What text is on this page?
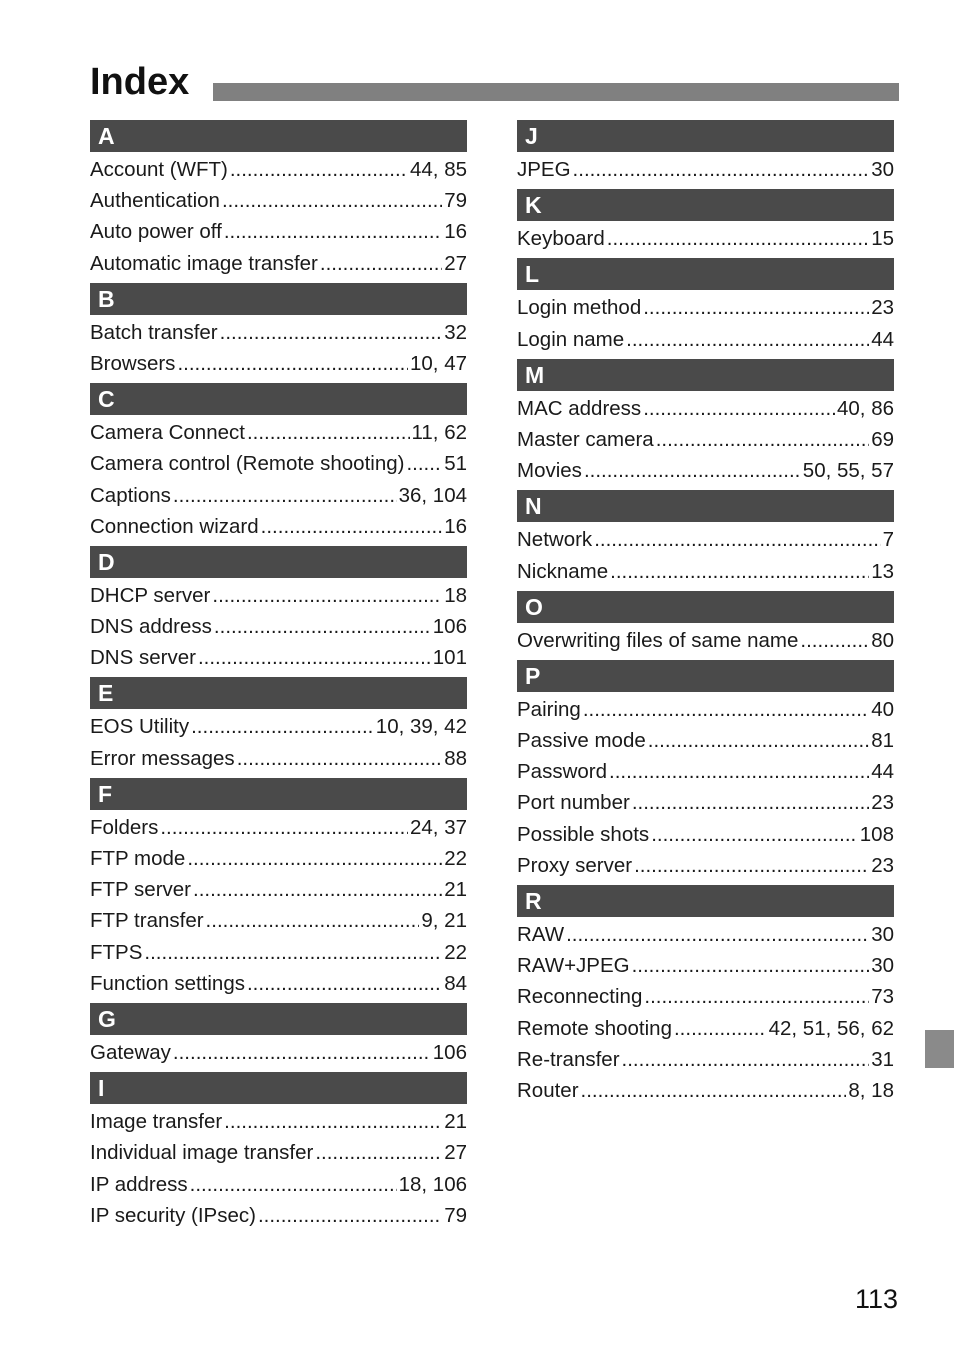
Index
A
Account (WFT) .....	44, 85
Authentication .....	79
Auto power off .....	16
Automatic image transfer .....	27
B
Batch transfer .....	32
Browsers .....	10, 47
C
Camera Connect .....	11, 62
Camera control (Remote shooting) ..... 51
Captions .....	36, 104
Connection wizard .....	16
D
DHCP server .....	18
DNS address .....	106
DNS server .....	101
E
EOS Utility .....	10, 39, 42
Error messages .....	88
F
Folders .....	24, 37
FTP mode .....	22
FTP server .....	21
FTP transfer .....	9, 21
FTPS .....	22
Function settings .....	84
G
Gateway .....	106
I
Image transfer .....	21
Individual image transfer .....	27
IP address .....	18, 106
IP security (IPsec) .....	79
J
JPEG .....	30
K
Keyboard .....	15
L
Login method .....	23
Login name .....	44
M
MAC address .....	40, 86
Master camera .....	69
Movies .....	50, 55, 57
N
Network .....	7
Nickname .....	13
O
Overwriting files of same name .....	80
P
Pairing .....	40
Passive mode .....	81
Password .....	44
Port number .....	23
Possible shots .....	108
Proxy server .....	23
R
RAW .....	30
RAW+JPEG .....	30
Reconnecting .....	73
Remote shooting .....	42, 51, 56, 62
Re-transfer .....	31
Router .....	8, 18
113
